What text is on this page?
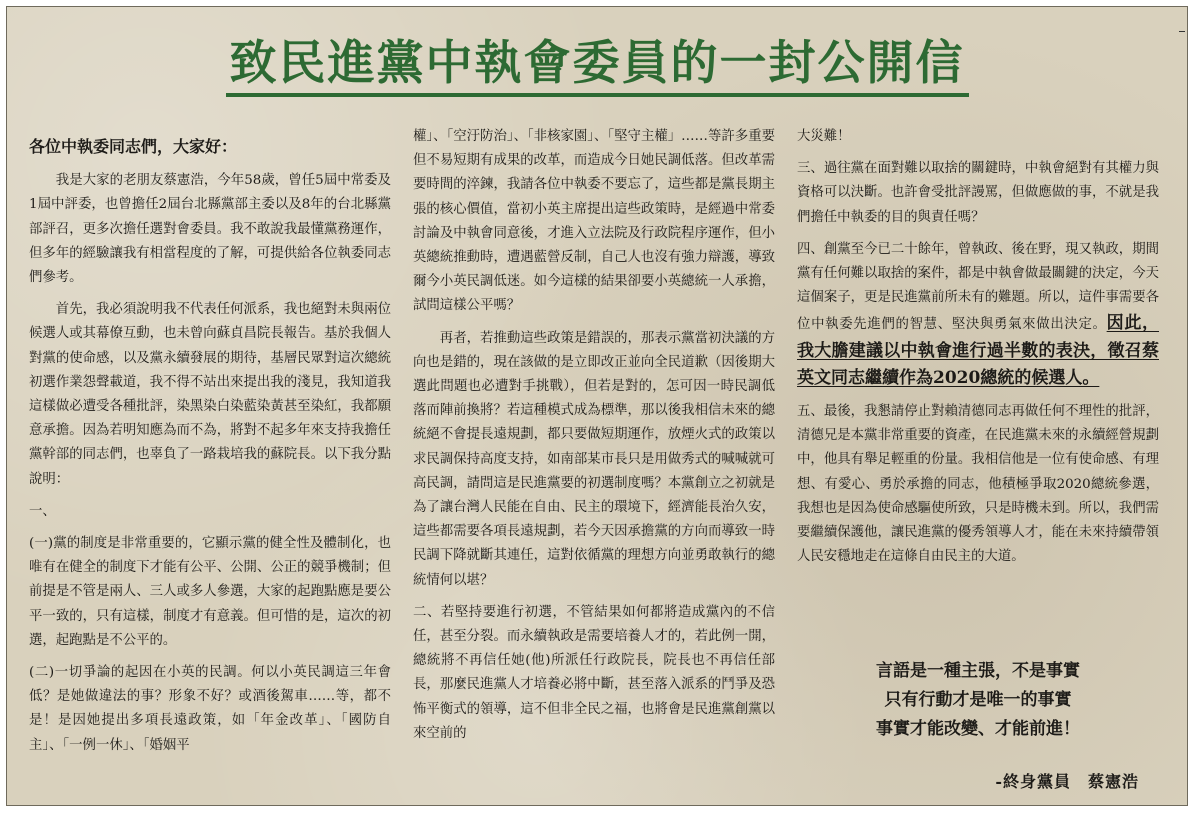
致民進黨中執會委員的一封公開信

各位中執委同志們，大家好：

我是大家的老朋友蔡憲浩，今年58歲，曾任5屆中常委及1屆中評委，也曾擔任2屆台北縣黨部主委以及8年的台北縣黨部評召，更多次擔任選對會委員。我不敢說我最懂黨務運作，但多年的經驗讓我有相當程度的了解，可提供給各位執委同志們參考。

首先，我必須說明我不代表任何派系，我也絕對未與兩位候選人或其幕僚互動，也未曾向蘇貞昌院長報告。基於我個人對黨的使命感，以及黨永續發展的期待，基層民眾對這次總統初選作業怨聲載道，我不得不站出來提出我的淺見，我知道我這樣做必遭受各種批評，染黑染白染藍染黃甚至染紅，我都願意承擔。因為若明知應為而不為，將對不起多年來支持我擔任黨幹部的同志們，也辜負了一路栽培我的蘇院長。以下我分點說明：

一、

(一)黨的制度是非常重要的，它顯示黨的健全性及體制化，也唯有在健全的制度下才能有公平、公開、公正的競爭機制；但前提是不管是兩人、三人或多人參選，大家的起跑點應是要公平一致的，只有這樣，制度才有意義。但可惜的是，這次的初選，起跑點是不公平的。

(二)一切爭論的起因在小英的民調。何以小英民調這三年會低？是她做違法的事？形象不好？或酒後駕車……等，都不是！是因她提出多項長遠政策，如「年金改革」、「國防自主」、「一例一休」、「婚姻平

權」、「空汙防治」、「非核家園」、「堅守主權」……等許多重要但不易短期有成果的改革，而造成今日她民調低落。但改革需要時間的淬鍊，我請各位中執委不要忘了，這些都是黨長期主張的核心價值，當初小英主席提出這些政策時，是經過中常委討論及中執會同意後，才進入立法院及行政院程序運作，但小英總統推動時，遭遇藍營反制，自己人也沒有強力辯護，導致爾今小英民調低迷。如今這樣的結果卻要小英總統一人承擔，試問這樣公平嗎？

再者，若推動這些政策是錯誤的，那表示黨當初決議的方向也是錯的，現在該做的是立即改正並向全民道歉（因後期大選此問題也必遭對手挑戰），但若是對的，怎可因一時民調低落而陣前換將？若這種模式成為標準，那以後我相信未來的總統絕不會提長遠規劃，都只要做短期運作，放煙火式的政策以求民調保持高度支持，如南部某市長只是用做秀式的喊喊就可高民調，請問這是民進黨要的初選制度嗎？本黨創立之初就是為了讓台灣人民能在自由、民主的環境下，經濟能長治久安，這些都需要各項長遠規劃，若今天因承擔黨的方向而導致一時民調下降就斷其連任，這對依循黨的理想方向並勇敢執行的總統情何以堪？

二、若堅持要進行初選，不管結果如何都將造成黨內的不信任，甚至分裂。而永續執政是需要培養人才的，若此例一開，總統將不再信任她(他)所派任行政院長，院長也不再信任部長，那麼民進黨人才培養必將中斷，甚至落入派系的鬥爭及恐怖平衡式的領導，這不但非全民之福，也將會是民進黨創黨以來空前的

大災難！

三、過往黨在面對難以取捨的關鍵時，中執會絕對有其權力與資格可以決斷。也許會受批評謾罵，但做應做的事，不就是我們擔任中執委的目的與責任嗎？

四、創黨至今已二十餘年，曾執政、後在野，現又執政，期間黨有任何難以取捨的案件，都是中執會做最關鍵的決定，今天這個案子，更是民進黨前所未有的難題。所以，這件事需要各位中執委先進們的智慧、堅決與勇氣來做出決定。因此，我大膽建議以中執會進行過半數的表決，徵召蔡英文同志繼續作為2020總統的候選人。

五、最後，我懇請停止對賴清德同志再做任何不理性的批評，清德兄是本黨非常重要的資產，在民進黨未來的永續經營規劃中，他具有舉足輕重的份量。我相信他是一位有使命感、有理想、有愛心、勇於承擔的同志，他積極爭取2020總統參選，我想也是因為使命感驅使所致，只是時機未到。所以，我們需要繼續保護他，讓民進黨的優秀領導人才，能在未來持續帶領人民安穩地走在這條自由民主的大道。

言語是一種主張，不是事實
只有行動才是唯一的事實
事實才能改變、才能前進！
-終身黨員　蔡憲浩
